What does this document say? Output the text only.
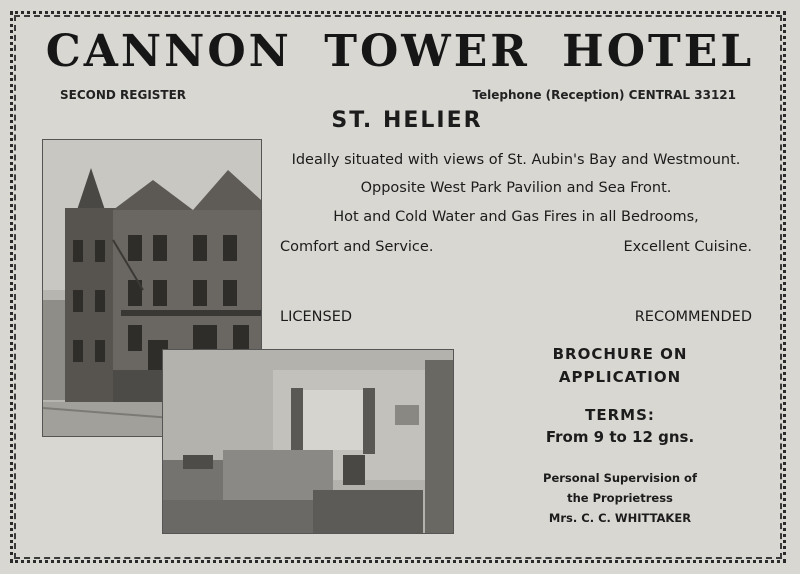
CANNON TOWER HOTEL
SECOND REGISTER	Telephone (Reception) CENTRAL 33121
ST. HELIER
Ideally situated with views of St. Aubin's Bay and Westmount.
Opposite West Park Pavilion and Sea Front.
Hot and Cold Water and Gas Fires in all Bedrooms,
Comfort and Service.	Excellent Cuisine.
LICENSED	RECOMMENDED
BROCHURE ON
APPLICATION
TERMS:
From 9 to 12 gns.
Personal Supervision of
the Proprietress
Mrs. C. C. WHITTAKER
